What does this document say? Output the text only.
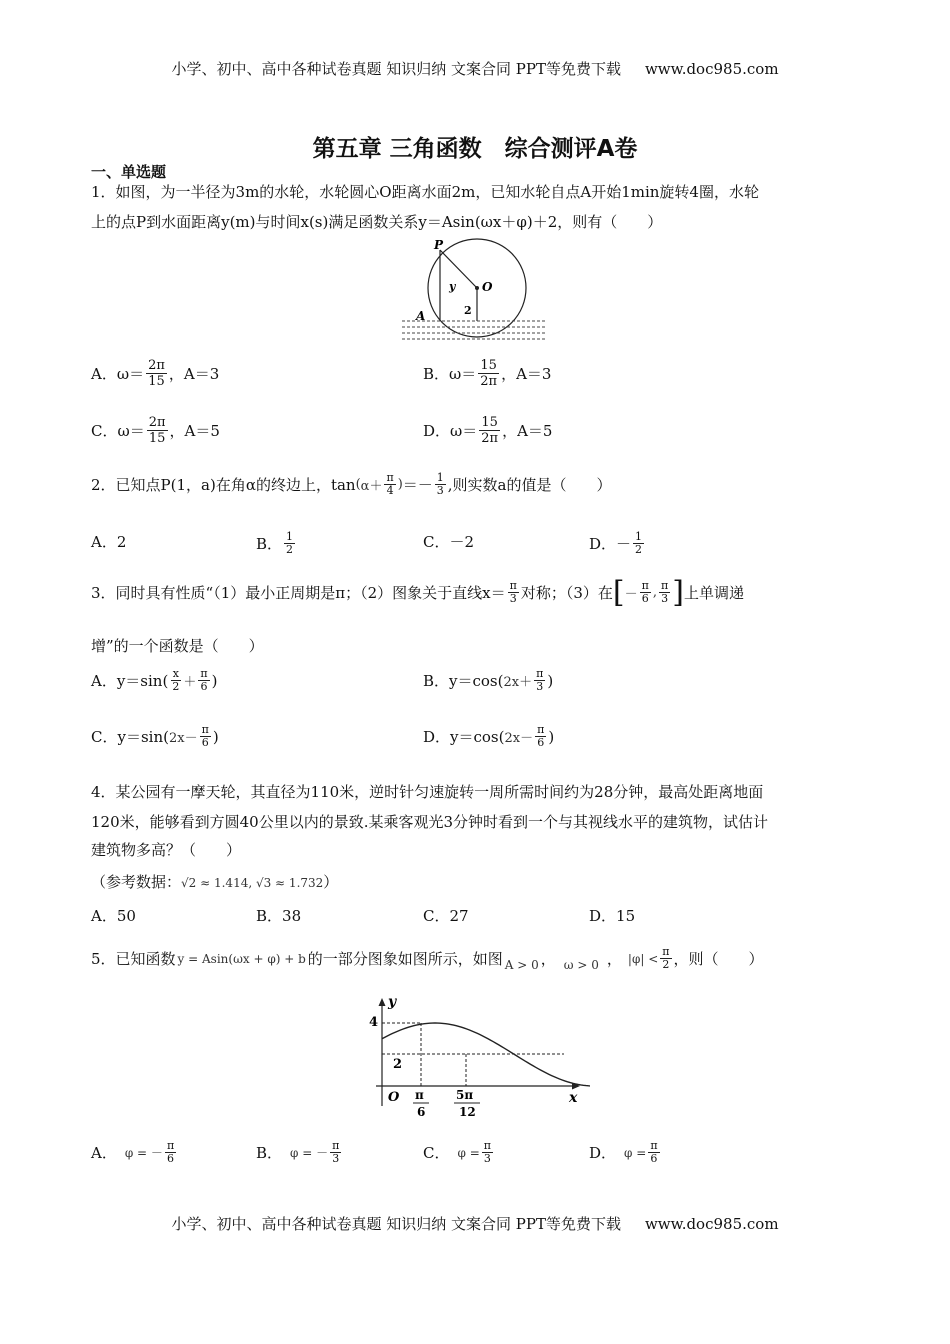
小学、初中、高中各种试卷真题 知识归纳 文案合同 PPT等免费下载 www.doc985.com
第五章 三角函数　综合测评A卷
一、单选题
1．如图，为一半径为3m的水轮，水轮圆心O距离水面2m，已知水轮自点A开始1min旋转4圈，水轮
上的点P到水面距离y(m)与时间x(s)满足函数关系y＝Asin(ωx＋φ)＋2，则有（　　）
P
O
y
A	2
A．ω＝ 2π
15 ，A＝3	B．ω＝ 15
2π ，A＝3
C．ω＝ 2π
15 ，A＝5	D．ω＝ 15
2π ，A＝5
2．已知点P(1，a)在角α的终边上，tan ( α＋
π
4 ) ＝－ 1
3 ,则实数a的值是（　　）
A．2	B． 1
2	C．－2	D．－ 1
2
3．同时具有性质“（1）最小正周期是π；（2）图象关于直线x＝ π
3 对称；（3）在 [ －
π
6 , π
3 ] 上单调递
增”的一个函数是（　　）
A．y＝sin( x
2 ＋
π
6 )	B．y＝cos( 2x＋
π
3 )
C．y＝sin( 2x－
π
6 )	D．y＝cos( 2x－
π
6 )
4．某公园有一摩天轮，其直径为110米，逆时针匀速旋转一周所需时间约为28分钟，最高处距离地面
120米，能够看到方圆40公里以内的景致.某乘客观光3分钟时看到一个与其视线水平的建筑物，试估计
建筑物多高？（　　）
（参考数据：√2 ≈ 1.414, √3 ≈ 1.732）
A．50	B．38	C．27	D．15
5．已知函数 y = Asin(ωx + φ) + b 的一部分图象如图所示，如图 A > 0 ， ω > 0 ， |φ| < π
2 ，则（　　）
y
x
O
4
2
π
6
5π
12
A． φ = －
π
6	B． φ = －
π
3	C． $\varphi = \frac{\pi}{3}$	D． $\varphi = \frac{\pi}{6}$
小学、初中、高中各种试卷真题 知识归纳 文案合同 PPT等免费下载 www.doc985.com
